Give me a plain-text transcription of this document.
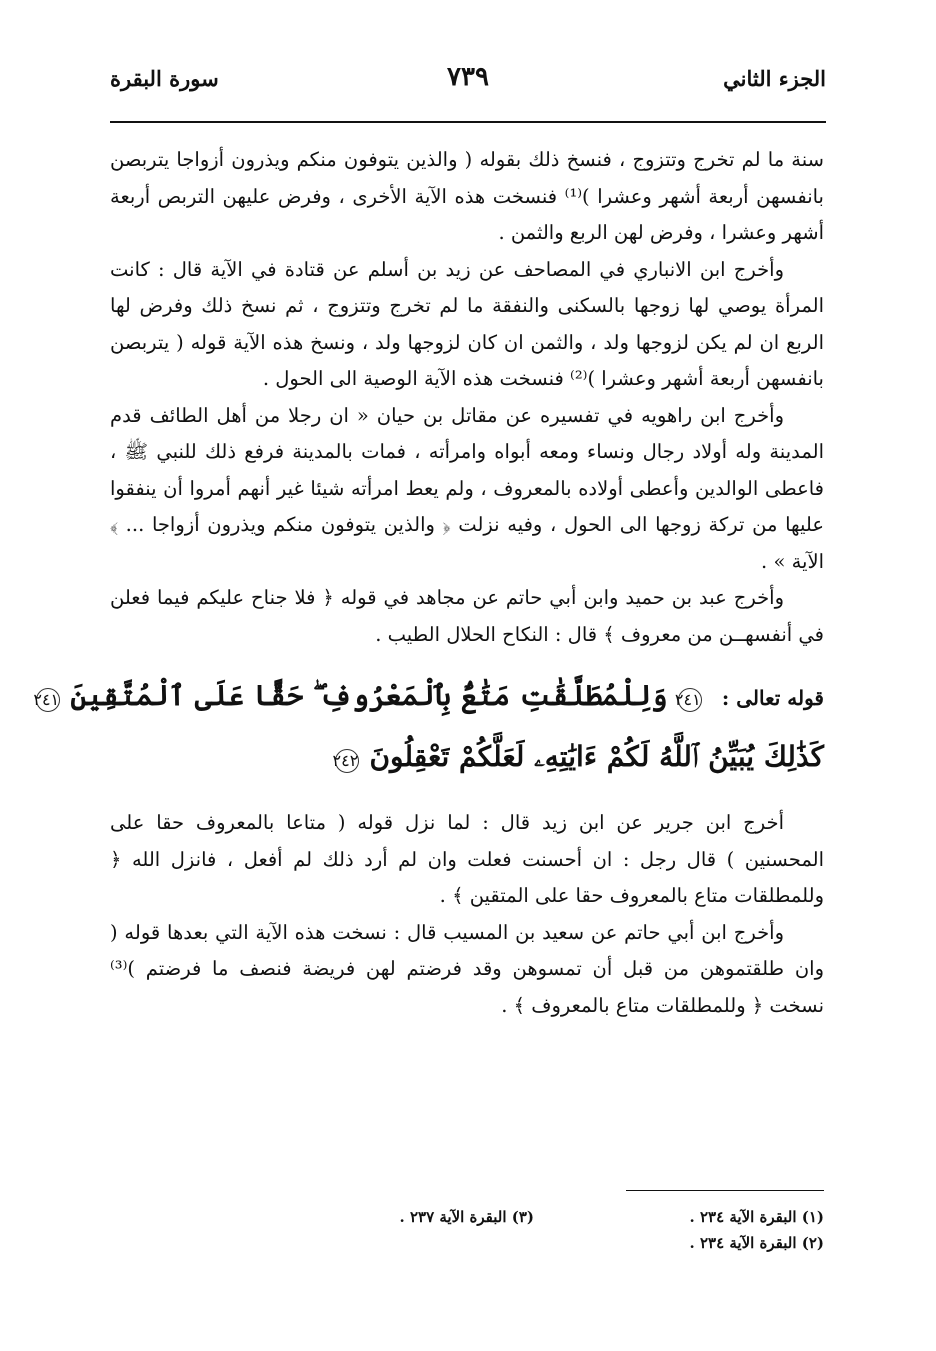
الجزء الثاني
٧٣٩
سورة البقرة

سنة ما لم تخرج وتتزوج ، فنسخ ذلك بقوله ( والذين يتوفون منكم ويذرون أزواجا يتربصن بانفسهن أربعة أشهر وعشرا )⁽¹⁾ فنسخت هذه الآية الأخرى ، وفرض عليهن التربص أربعة أشهر وعشرا ، وفرض لهن الربع والثمن .

وأخرج ابن الانباري في المصاحف عن زيد بن أسلم عن قتادة في الآية قال : كانت المرأة يوصي لها زوجها بالسكنى والنفقة ما لم تخرج وتتزوج ، ثم نسخ ذلك وفرض لها الربع ان لم يكن لزوجها ولد ، والثمن ان كان لزوجها ولد ، ونسخ هذه الآية قوله ( يتربصن بانفسهن أربعة أشهر وعشرا )⁽²⁾ فنسخت هذه الآية الوصية الى الحول .

وأخرج ابن راهويه في تفسيره عن مقاتل بن حيان « ان رجلا من أهل الطائف قدم المدينة وله أولاد رجال ونساء ومعه أبواه وامرأته ، فمات بالمدينة فرفع ذلك للنبي ﷺ ، فاعطى الوالدين وأعطى أولاده بالمعروف ، ولم يعط امرأته شيئا غير أنهم أمروا أن ينفقوا عليها من تركة زوجها الى الحول ، وفيه نزلت ﴿ والذين يتوفون منكم ويذرون أزواجا ... ﴾ الآية » .

وأخرج عبد بن حميد وابن أبي حاتم عن مجاهد في قوله ﴿ فلا جناح عليكم فيما فعلن في أنفسهــن من معروف ﴾ قال : النكاح الحلال الطيب .

قوله تعالى : ٢٤١ وَلِلْمُطَلَّقَٰتِ مَتَٰعٌۢ بِٱلْمَعْرُوفِ ۖ حَقًّا عَلَى ٱلْمُتَّقِينَ ٢٤١
كَذَٰلِكَ يُبَيِّنُ ٱللَّهُ لَكُمْ ءَايَٰتِهِۦ لَعَلَّكُمْ تَعْقِلُونَ ٢٤٢

أخرج ابن جرير عن ابن زيد قال : لما نزل قوله ( متاعا بالمعروف حقا على المحسنين ) قال رجل : ان أحسنت فعلت وان لم أرد ذلك لم أفعل ، فانزل الله ﴿ وللمطلقات متاع بالمعروف حقا على المتقين ﴾ .

وأخرج ابن أبي حاتم عن سعيد بن المسيب قال : نسخت هذه الآية التي بعدها قوله ( وان طلقتموهن من قبل أن تمسوهن وقد فرضتم لهن فريضة فنصف ما فرضتم )⁽³⁾ نسخت ﴿ وللمطلقات متاع بالمعروف ﴾ .

(١) البقرة الآية ٢٣٤ .
(٢) البقرة الآية ٢٣٤ .
(٣) البقرة الآية ٢٣٧ .
